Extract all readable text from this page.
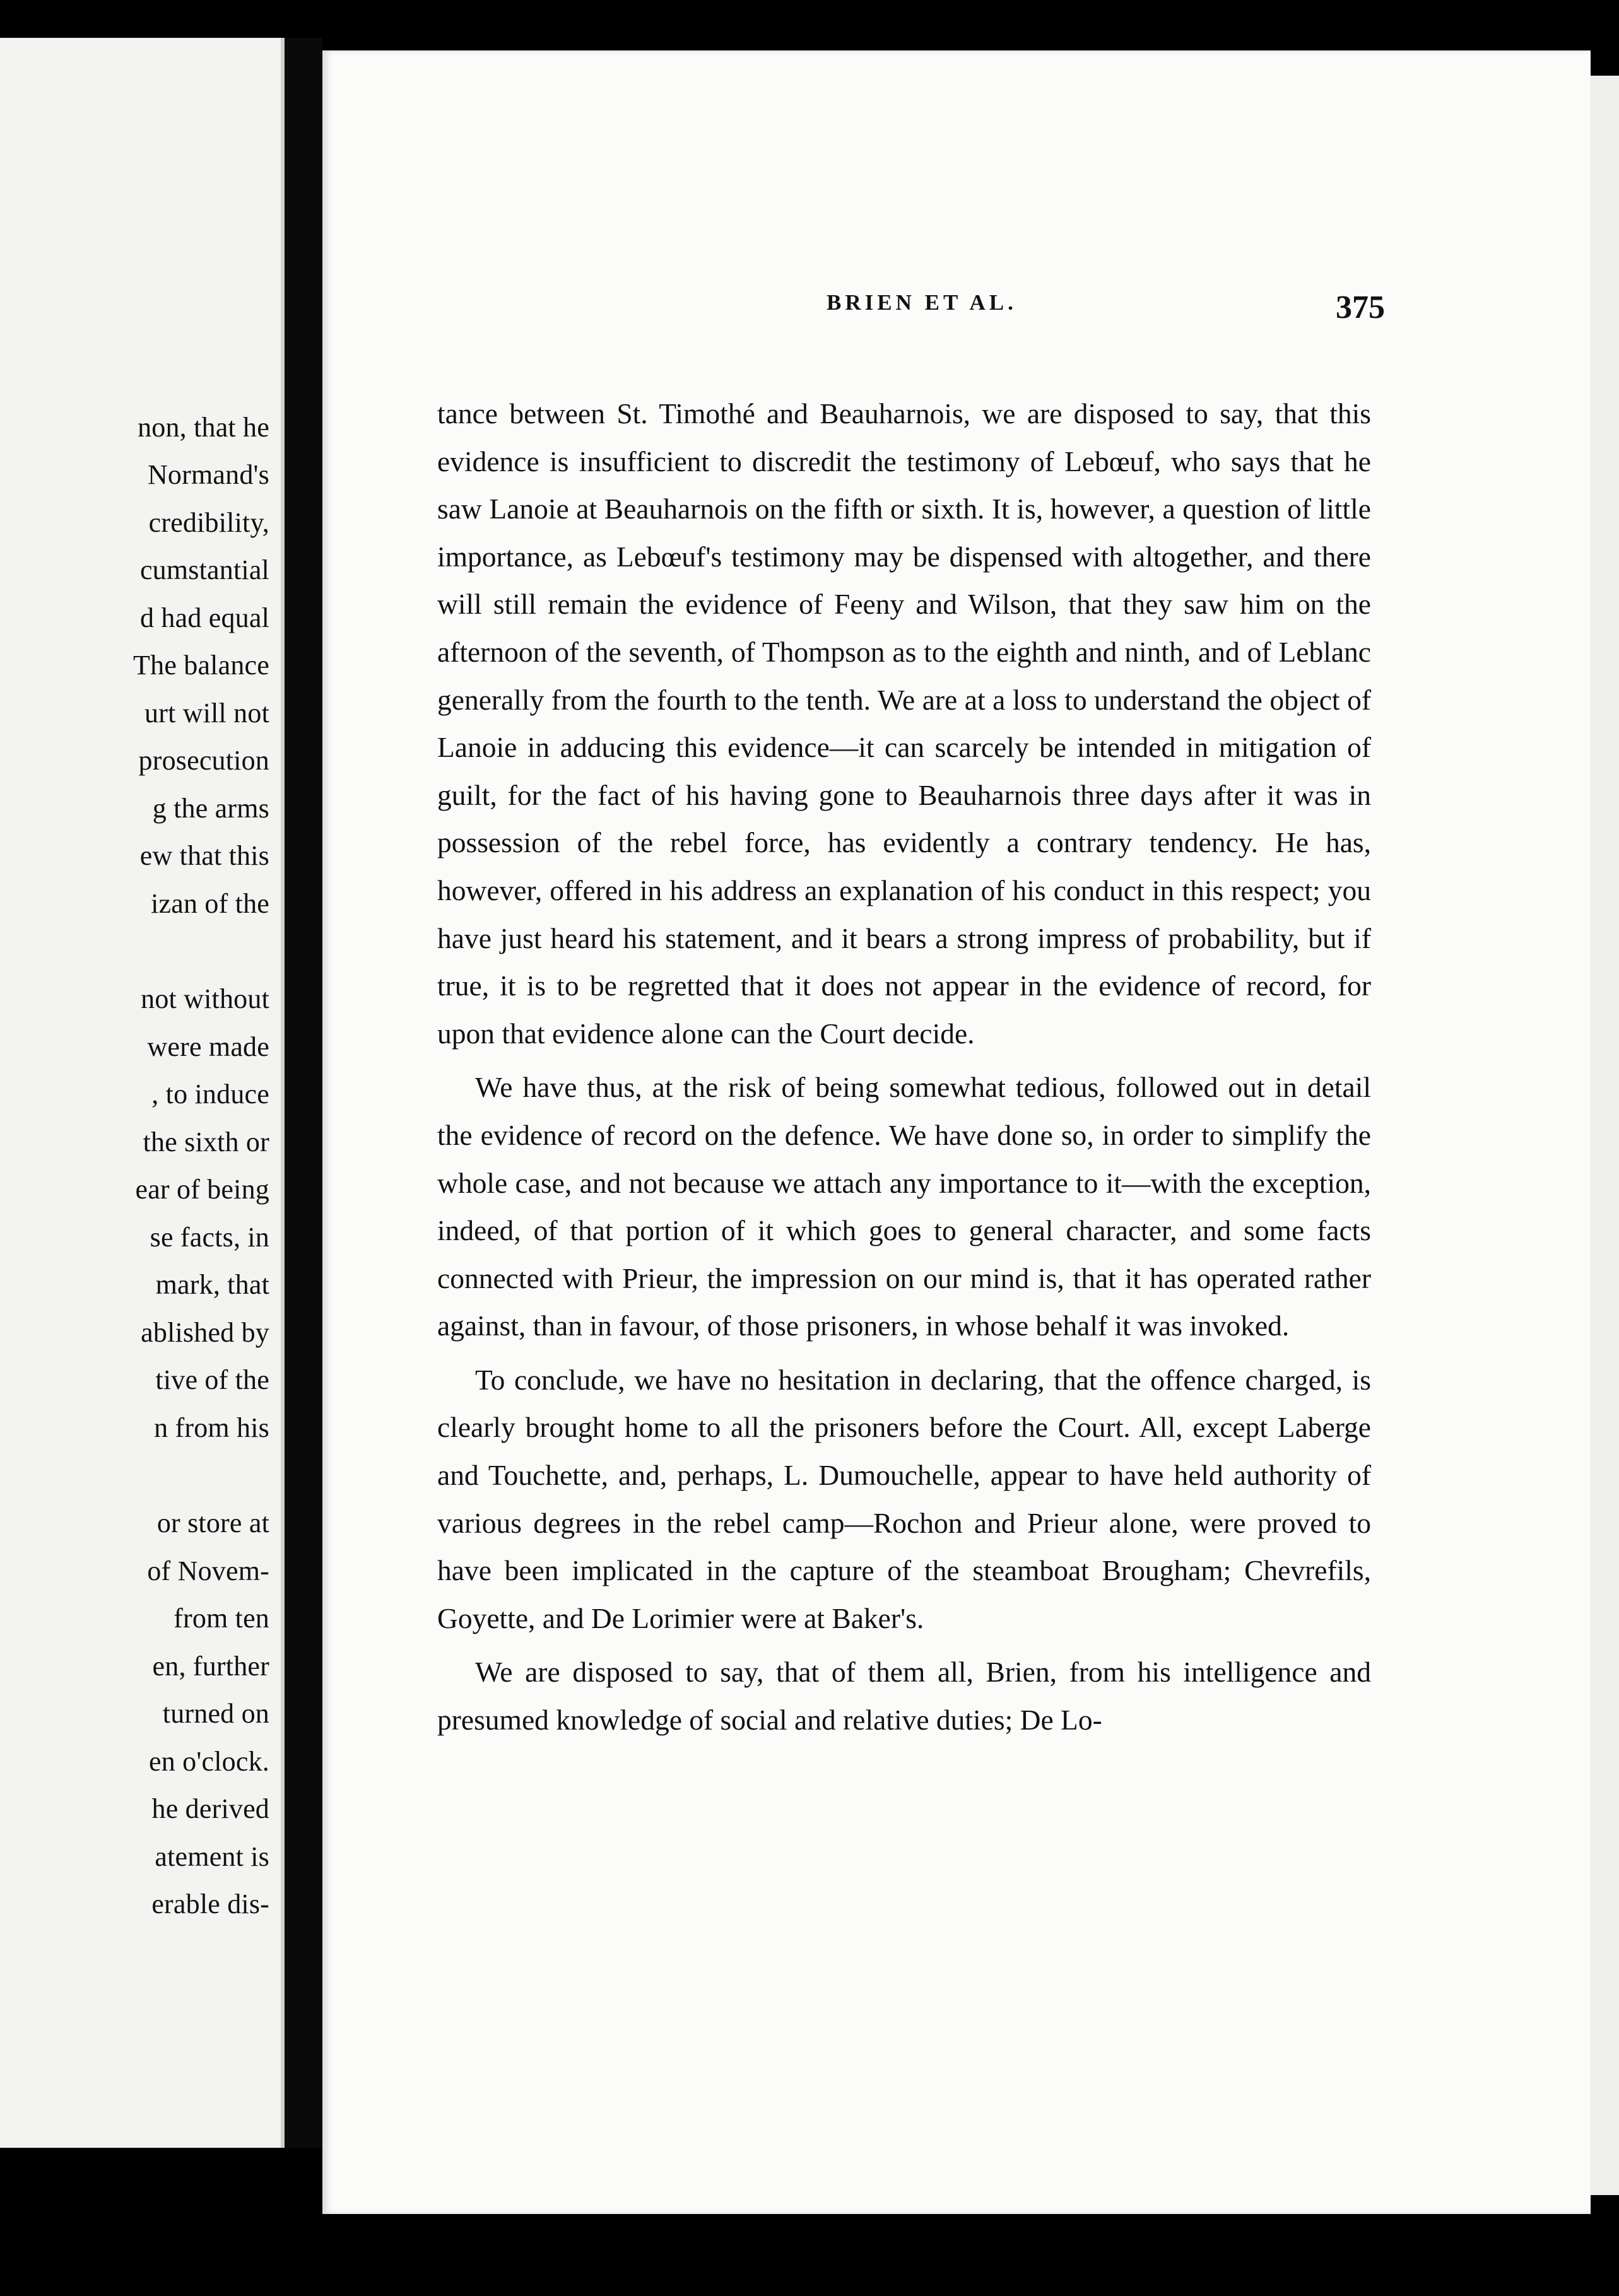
non, that he
Normand's
credibility,
cumstantial
d had equal
The balance
urt will not
prosecution
g the arms
ew that this
izan of the
not without
were made
, to induce
the sixth or
ear of being
se facts, in
mark, that
ablished by
tive of the
n from his
or store at
of Novem-
from ten
en, further
turned on
en o'clock.
he derived
atement is
erable dis-
BRIEN ET AL.	375

tance between St. Timothé and Beauharnois, we are disposed to say, that this evidence is insufficient to discredit the testimony of Lebœuf, who says that he saw Lanoie at Beauharnois on the fifth or sixth. It is, however, a question of little importance, as Lebœuf's testimony may be dispensed with altogether, and there will still remain the evidence of Feeny and Wilson, that they saw him on the afternoon of the seventh, of Thompson as to the eighth and ninth, and of Leblanc generally from the fourth to the tenth. We are at a loss to understand the object of Lanoie in adducing this evidence—it can scarcely be intended in mitigation of guilt, for the fact of his having gone to Beauharnois three days after it was in possession of the rebel force, has evidently a contrary tendency. He has, however, offered in his address an explanation of his conduct in this respect; you have just heard his statement, and it bears a strong impress of probability, but if true, it is to be regretted that it does not appear in the evidence of record, for upon that evidence alone can the Court decide.

We have thus, at the risk of being somewhat tedious, followed out in detail the evidence of record on the defence. We have done so, in order to simplify the whole case, and not because we attach any importance to it—with the exception, indeed, of that portion of it which goes to general character, and some facts connected with Prieur, the impression on our mind is, that it has operated rather against, than in favour, of those prisoners, in whose behalf it was invoked.

To conclude, we have no hesitation in declaring, that the offence charged, is clearly brought home to all the prisoners before the Court. All, except Laberge and Touchette, and, perhaps, L. Dumouchelle, appear to have held authority of various degrees in the rebel camp—Rochon and Prieur alone, were proved to have been implicated in the capture of the steamboat Brougham; Chevrefils, Goyette, and De Lorimier were at Baker's.

We are disposed to say, that of them all, Brien, from his intelligence and presumed knowledge of social and relative duties; De Lo-
